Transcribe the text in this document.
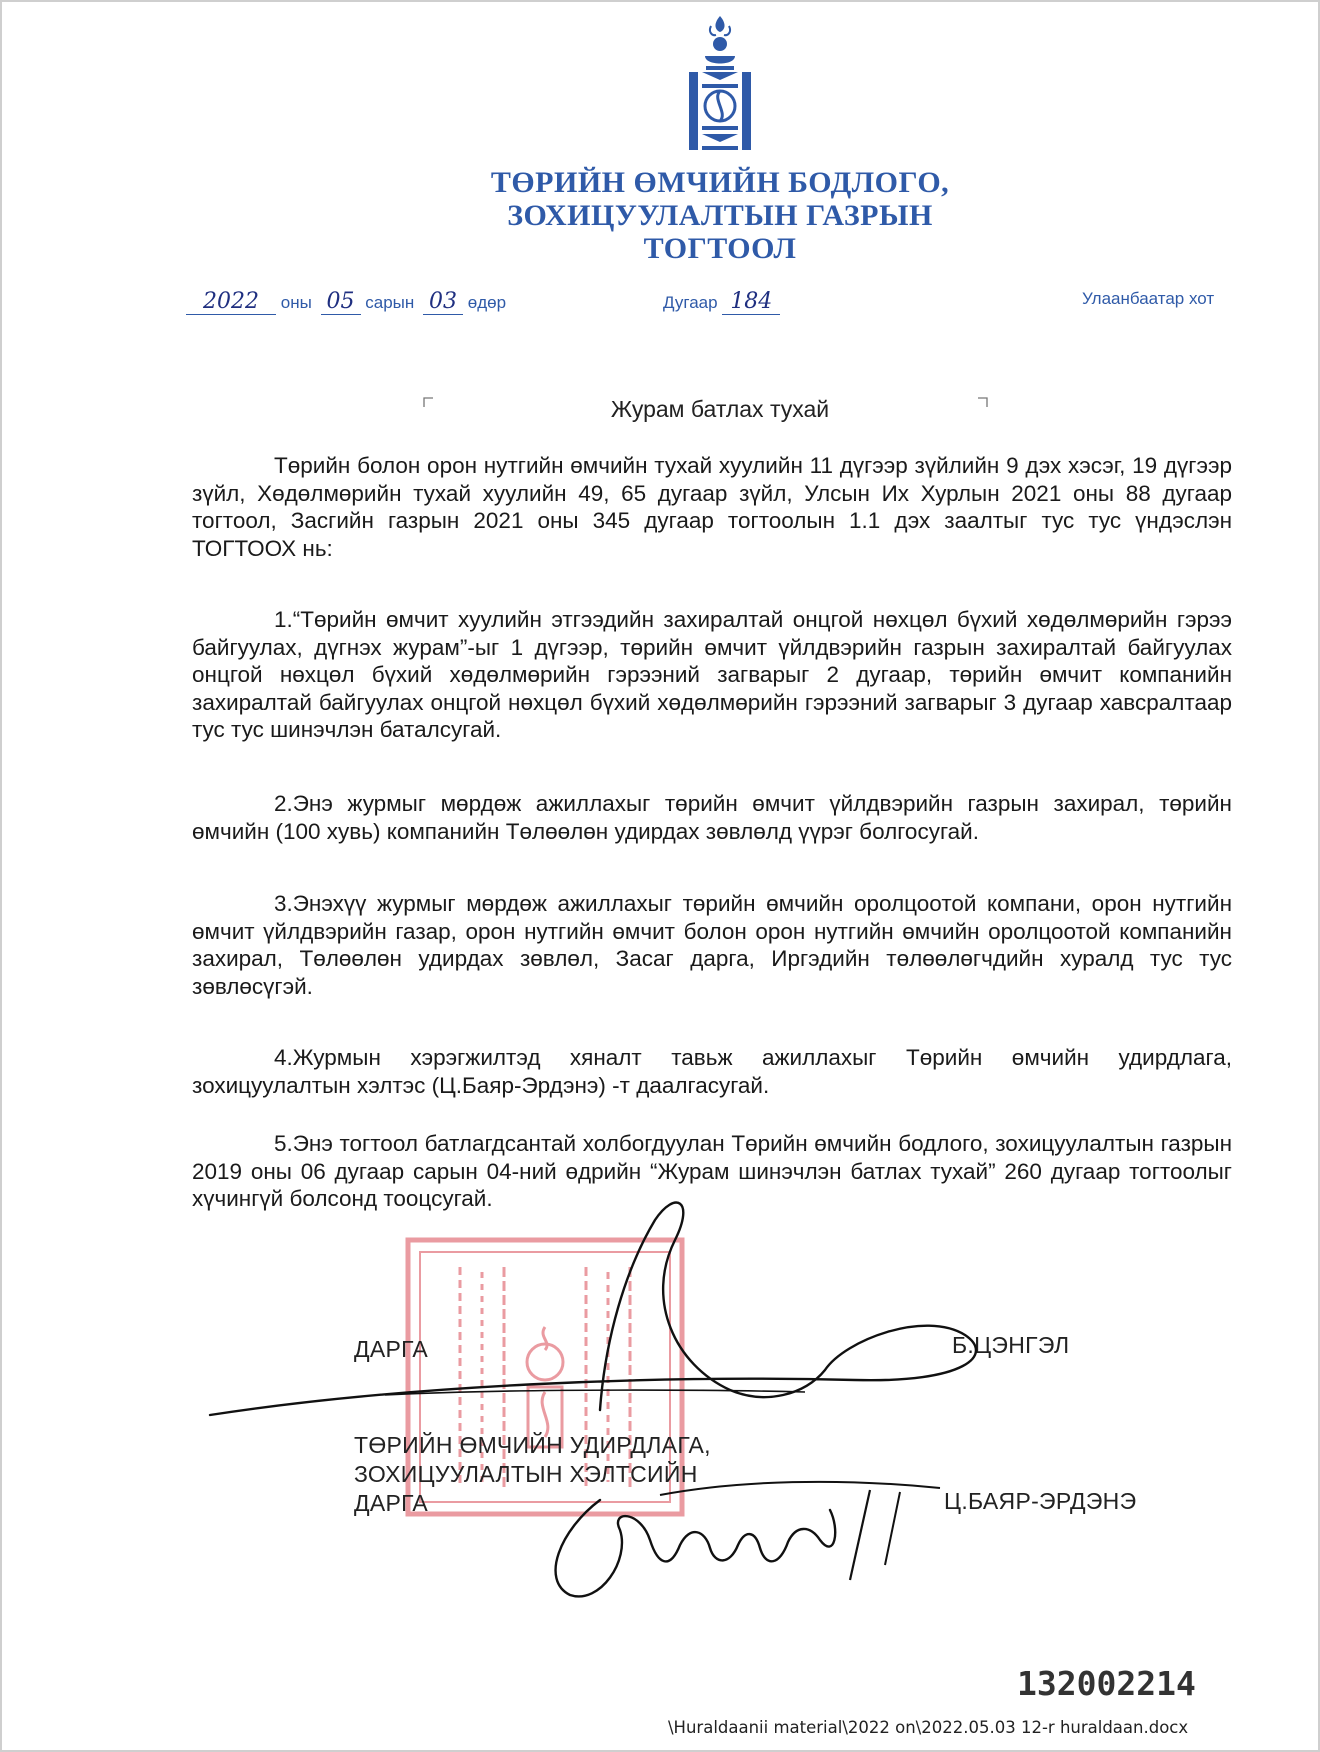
ТӨРИЙН ӨМЧИЙН БОДЛОГО,
ЗОХИЦУУЛАЛТЫН ГАЗРЫН
ТОГТООЛ
2022 оны 05 сарын 03 өдөр	Дугаар 184	Улаанбаатар хот
Журам батлах тухай

Төрийн болон орон нутгийн өмчийн тухай хуулийн 11 дүгээр зүйлийн 9 дэх хэсэг, 19 дүгээр зүйл, Хөдөлмөрийн тухай хуулийн 49, 65 дугаар зүйл, Улсын Их Хурлын 2021 оны 88 дугаар тогтоол, Засгийн газрын 2021 оны 345 дугаар тогтоолын 1.1 дэх заалтыг тус тус үндэслэн ТОГТООХ нь:

1.“Төрийн өмчит хуулийн этгээдийн захиралтай онцгой нөхцөл бүхий хөдөлмөрийн гэрээ байгуулах, дүгнэх журам”-ыг 1 дүгээр, төрийн өмчит үйлдвэрийн газрын захиралтай байгуулах онцгой нөхцөл бүхий хөдөлмөрийн гэрээний загварыг 2 дугаар, төрийн өмчит компанийн захиралтай байгуулах онцгой нөхцөл бүхий хөдөлмөрийн гэрээний загварыг 3 дугаар хавсралтаар тус тус шинэчлэн баталсугай.

2.Энэ журмыг мөрдөж ажиллахыг төрийн өмчит үйлдвэрийн газрын захирал, төрийн өмчийн (100 хувь) компанийн Төлөөлөн удирдах зөвлөлд үүрэг болгосугай.

3.Энэхүү журмыг мөрдөж ажиллахыг төрийн өмчийн оролцоотой компани, орон нутгийн өмчит үйлдвэрийн газар, орон нутгийн өмчит болон орон нутгийн өмчийн оролцоотой компанийн захирал, Төлөөлөн удирдах зөвлөл, Засаг дарга, Иргэдийн төлөөлөгчдийн хуралд тус тус зөвлөсүгэй.

4.Журмын хэрэгжилтэд хяналт тавьж ажиллахыг Төрийн өмчийн удирдлага, зохицуулалтын хэлтэс (Ц.Баяр-Эрдэнэ) -т даалгасугай.

5.Энэ тогтоол батлагдсантай холбогдуулан Төрийн өмчийн бодлого, зохицуулалтын газрын 2019 оны 06 дугаар сарын 04-ний өдрийн “Журам шинэчлэн батлах тухай” 260 дугаар тогтоолыг хүчингүй болсонд тооцсугай.

ДАРГА	Б.ЦЭНГЭЛ
ТӨРИЙН ӨМЧИЙН УДИРДЛАГА,
ЗОХИЦУУЛАЛТЫН ХЭЛТСИЙН
ДАРГА	Ц.БАЯР-ЭРДЭНЭ
132002214
\Huraldaanii material\2022 on\2022.05.03 12-r huraldaan.docx
